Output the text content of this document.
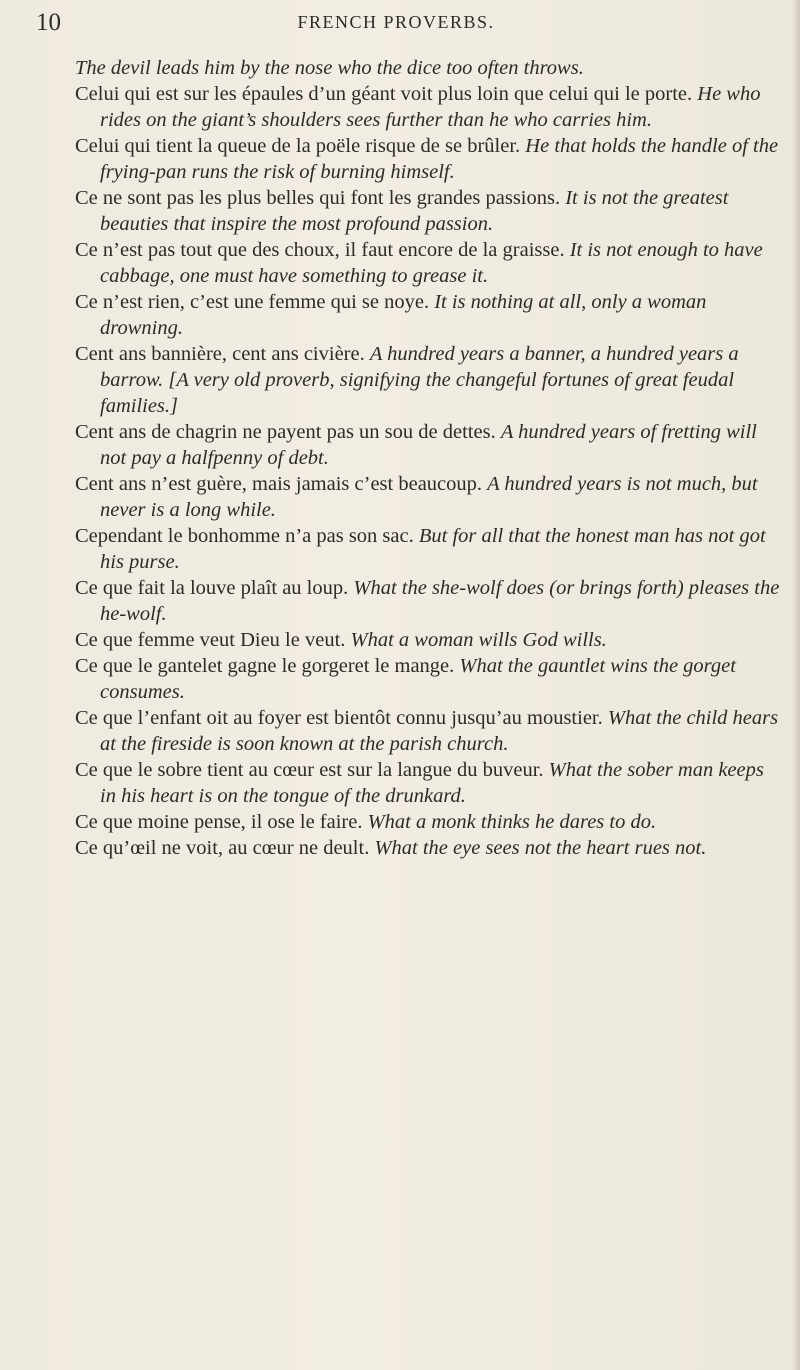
10	FRENCH PROVERBS.

The devil leads him by the nose who the dice too often throws.

Celui qui est sur les épaules d’un géant voit plus loin que celui qui le porte. He who rides on the giant’s shoulders sees further than he who carries him.

Celui qui tient la queue de la poële risque de se brûler. He that holds the handle of the frying-pan runs the risk of burning himself.

Ce ne sont pas les plus belles qui font les grandes passions. It is not the greatest beauties that inspire the most profound passion.

Ce n’est pas tout que des choux, il faut encore de la graisse. It is not enough to have cabbage, one must have something to grease it.

Ce n’est rien, c’est une femme qui se noye. It is nothing at all, only a woman drowning.

Cent ans bannière, cent ans civière. A hundred years a banner, a hundred years a barrow. [A very old proverb, signifying the changeful fortunes of great feudal families.]

Cent ans de chagrin ne payent pas un sou de dettes. A hundred years of fretting will not pay a halfpenny of debt.

Cent ans n’est guère, mais jamais c’est beaucoup. A hundred years is not much, but never is a long while.

Cependant le bonhomme n’a pas son sac. But for all that the honest man has not got his purse.

Ce que fait la louve plaît au loup. What the she-wolf does (or brings forth) pleases the he-wolf.

Ce que femme veut Dieu le veut. What a woman wills God wills.

Ce que le gantelet gagne le gorgeret le mange. What the gauntlet wins the gorget consumes.

Ce que l’enfant oit au foyer est bientôt connu jusqu’au moustier. What the child hears at the fireside is soon known at the parish church.

Ce que le sobre tient au cœur est sur la langue du buveur. What the sober man keeps in his heart is on the tongue of the drunkard.

Ce que moine pense, il ose le faire. What a monk thinks he dares to do.

Ce qu’œil ne voit, au cœur ne deult. What the eye sees not the heart rues not.
